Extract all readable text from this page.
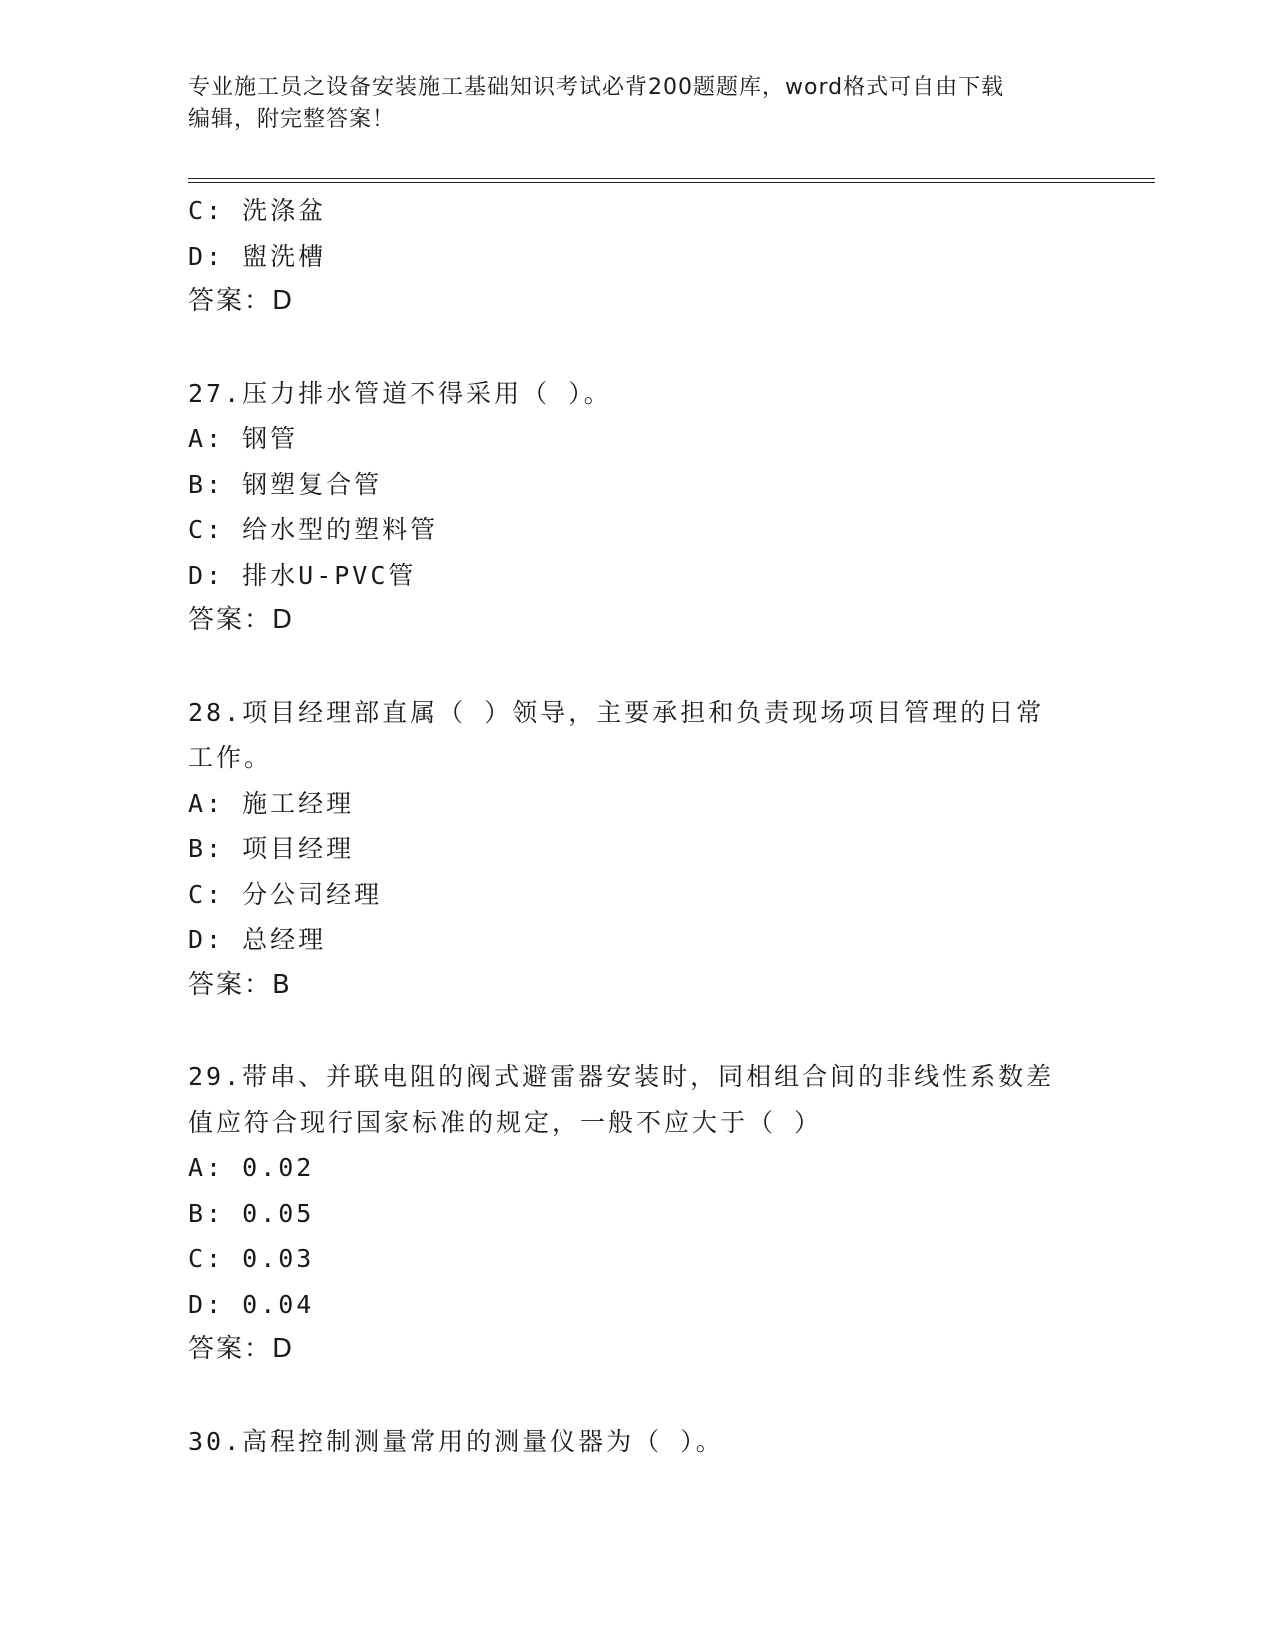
专业施工员之设备安装施工基础知识考试必背200题题库，word格式可自由下载
编辑，附完整答案！
C: 洗涤盆
D: 盥洗槽
答案：D
27.压力排水管道不得采用（ ）。
A: 钢管
B: 钢塑复合管
C: 给水型的塑料管
D: 排水U-PVC管
答案：D
28.项目经理部直属（ ）领导，主要承担和负责现场项目管理的日常
工作。
A: 施工经理
B: 项目经理
C: 分公司经理
D: 总经理
答案：B
29.带串、并联电阻的阀式避雷器安装时，同相组合间的非线性系数差
值应符合现行国家标准的规定，一般不应大于（ ）
A: 0.02
B: 0.05
C: 0.03
D: 0.04
答案：D
30.高程控制测量常用的测量仪器为（ ）。
